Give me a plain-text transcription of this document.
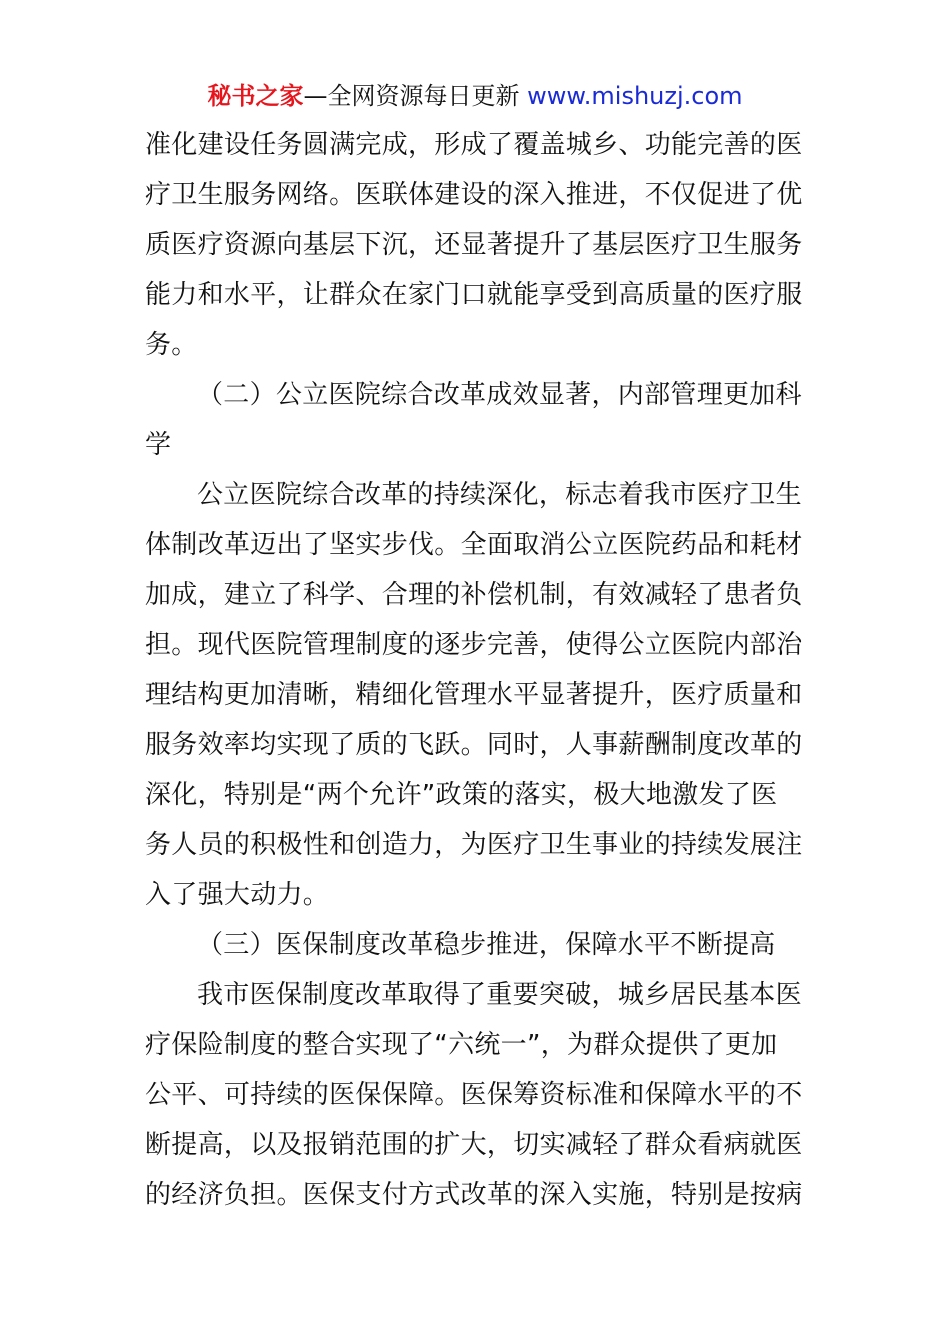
秘书之家—全网资源每日更新 www.mishuzj.com
准化建设任务圆满完成，形成了覆盖城乡、功能完善的医
疗卫生服务网络。医联体建设的深入推进，不仅促进了优
质医疗资源向基层下沉，还显著提升了基层医疗卫生服务
能力和水平，让群众在家门口就能享受到高质量的医疗服
务。
（二）公立医院综合改革成效显著，内部管理更加科
学
公立医院综合改革的持续深化，标志着我市医疗卫生
体制改革迈出了坚实步伐。全面取消公立医院药品和耗材
加成，建立了科学、合理的补偿机制，有效减轻了患者负
担。现代医院管理制度的逐步完善，使得公立医院内部治
理结构更加清晰，精细化管理水平显著提升，医疗质量和
服务效率均实现了质的飞跃。同时，人事薪酬制度改革的
深化，特别是“两个允许”政策的落实，极大地激发了医
务人员的积极性和创造力，为医疗卫生事业的持续发展注
入了强大动力。
（三）医保制度改革稳步推进，保障水平不断提高
我市医保制度改革取得了重要突破，城乡居民基本医
疗保险制度的整合实现了“六统一”，为群众提供了更加
公平、可持续的医保保障。医保筹资标准和保障水平的不
断提高，以及报销范围的扩大，切实减轻了群众看病就医
的经济负担。医保支付方式改革的深入实施，特别是按病
